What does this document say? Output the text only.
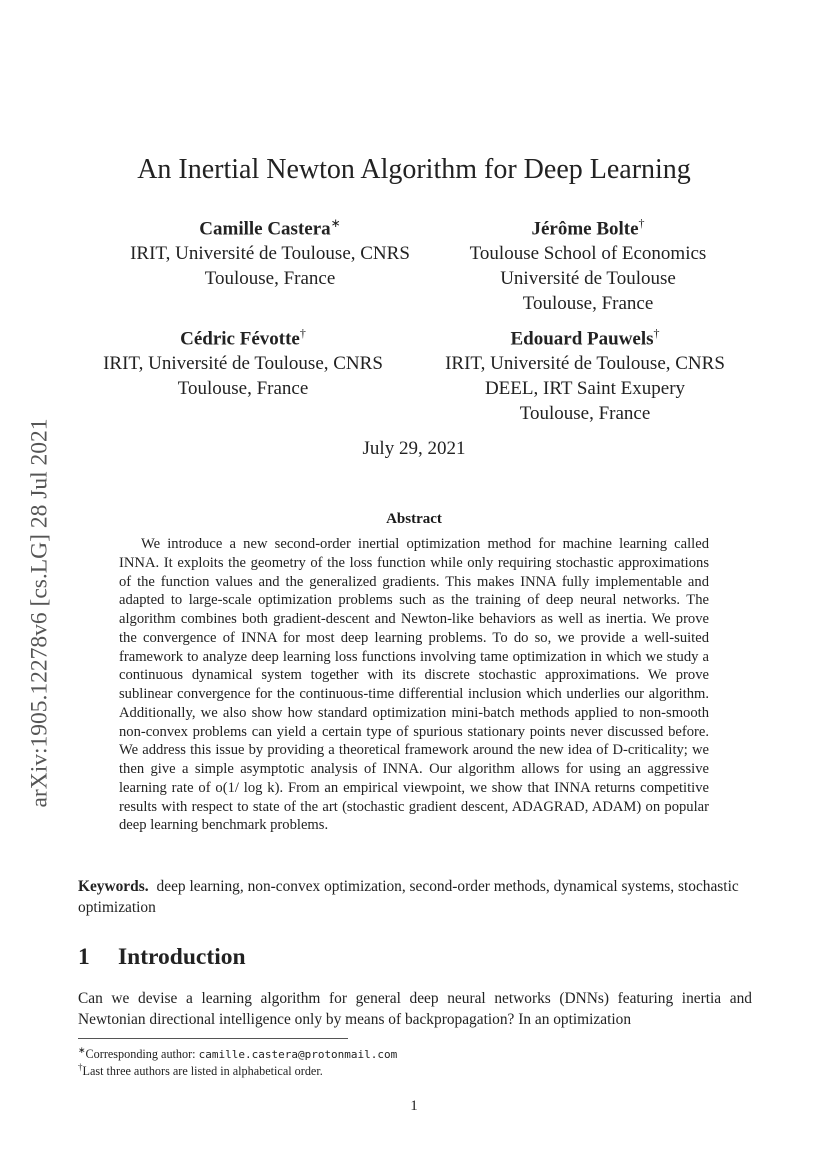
arXiv:1905.12278v6 [cs.LG] 28 Jul 2021
An Inertial Newton Algorithm for Deep Learning
Camille Castera∗
IRIT, Université de Toulouse, CNRS
Toulouse, France
Jérôme Bolte†
Toulouse School of Economics
Université de Toulouse
Toulouse, France
Cédric Févotte†
IRIT, Université de Toulouse, CNRS
Toulouse, France
Edouard Pauwels†
IRIT, Université de Toulouse, CNRS
DEEL, IRT Saint Exupery
Toulouse, France
July 29, 2021
Abstract
We introduce a new second-order inertial optimization method for machine learning called INNA. It exploits the geometry of the loss function while only requiring stochastic approximations of the function values and the generalized gradients. This makes INNA fully implementable and adapted to large-scale optimization problems such as the training of deep neural networks. The algorithm combines both gradient-descent and Newton-like behaviors as well as inertia. We prove the convergence of INNA for most deep learning problems. To do so, we provide a well-suited framework to analyze deep learning loss functions involving tame optimization in which we study a continuous dynamical system together with its discrete stochastic approximations. We prove sublinear convergence for the continuous-time differential inclusion which underlies our algorithm. Additionally, we also show how standard optimization mini-batch methods applied to non-smooth non-convex problems can yield a certain type of spurious stationary points never discussed before. We address this issue by providing a theoretical framework around the new idea of D-criticality; we then give a simple asymptotic analysis of INNA. Our algorithm allows for using an aggressive learning rate of o(1/ log k). From an empirical viewpoint, we show that INNA returns competitive results with respect to state of the art (stochastic gradient descent, ADAGRAD, ADAM) on popular deep learning benchmark problems.
Keywords. deep learning, non-convex optimization, second-order methods, dynamical systems, stochastic optimization
1 Introduction
Can we devise a learning algorithm for general deep neural networks (DNNs) featuring inertia and Newtonian directional intelligence only by means of backpropagation? In an optimization
∗Corresponding author: camille.castera@protonmail.com
†Last three authors are listed in alphabetical order.
1
